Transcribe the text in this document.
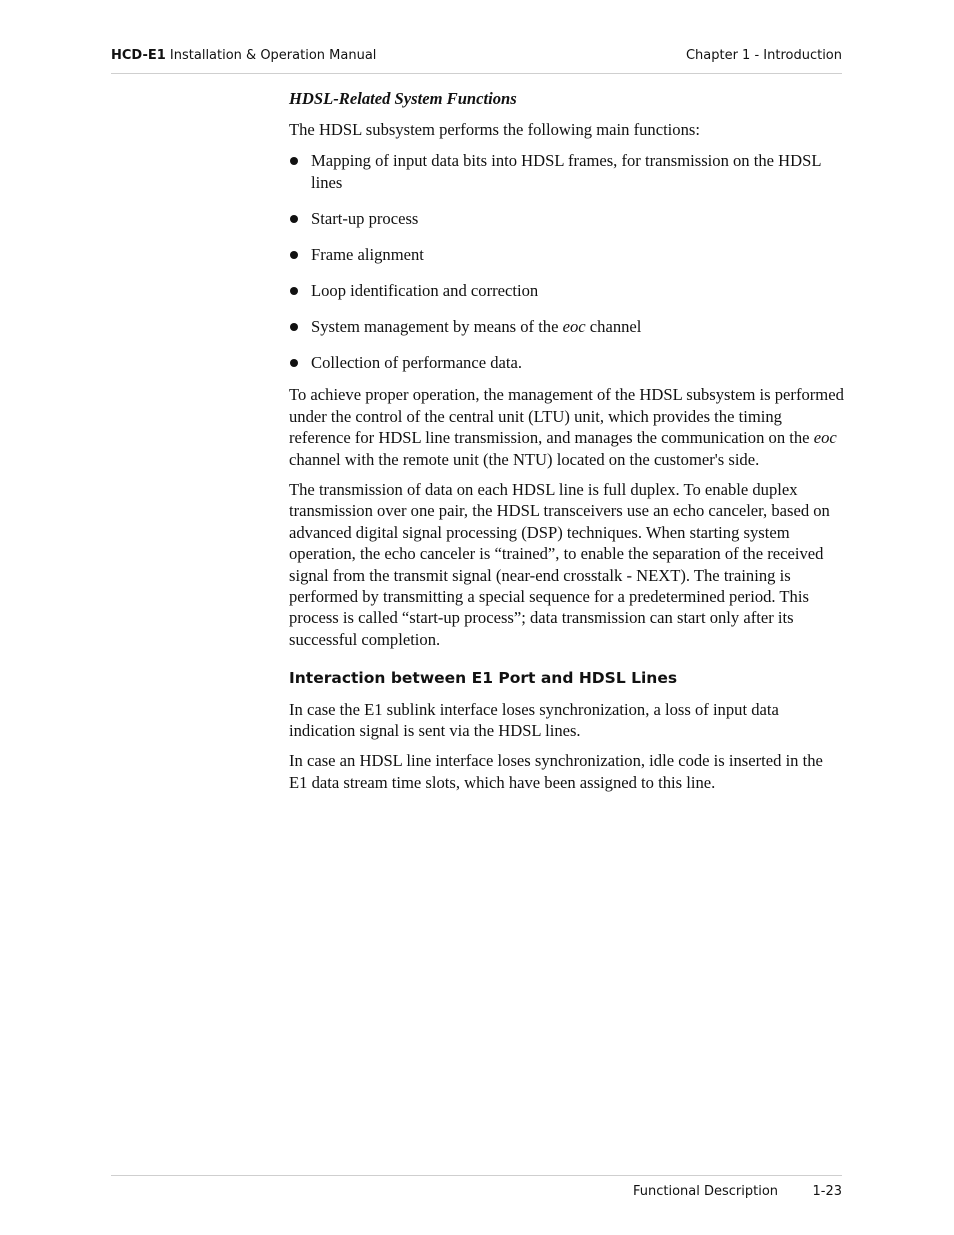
HCD-E1 Installation & Operation Manual	Chapter 1 - Introduction
HDSL-Related System Functions

The HDSL subsystem performs the following main functions:

Mapping of input data bits into HDSL frames, for transmission on the HDSL lines
Start-up process
Frame alignment
Loop identification and correction
System management by means of the eoc channel
Collection of performance data.

To achieve proper operation, the management of the HDSL subsystem is performed under the control of the central unit (LTU) unit, which provides the timing reference for HDSL line transmission, and manages the communication on the eoc channel with the remote unit (the NTU) located on the customer's side.

The transmission of data on each HDSL line is full duplex. To enable duplex transmission over one pair, the HDSL transceivers use an echo canceler, based on advanced digital signal processing (DSP) techniques. When starting system operation, the echo canceler is “trained”, to enable the separation of the received signal from the transmit signal (near-end crosstalk - NEXT). The training is performed by transmitting a special sequence for a predetermined period. This process is called “start-up process”; data transmission can start only after its successful completion.

Interaction between E1 Port and HDSL Lines

In case the E1 sublink interface loses synchronization, a loss of input data indication signal is sent via the HDSL lines.

In case an HDSL line interface loses synchronization, idle code is inserted in the E1 data stream time slots, which have been assigned to this line.

Functional Description	1-23
